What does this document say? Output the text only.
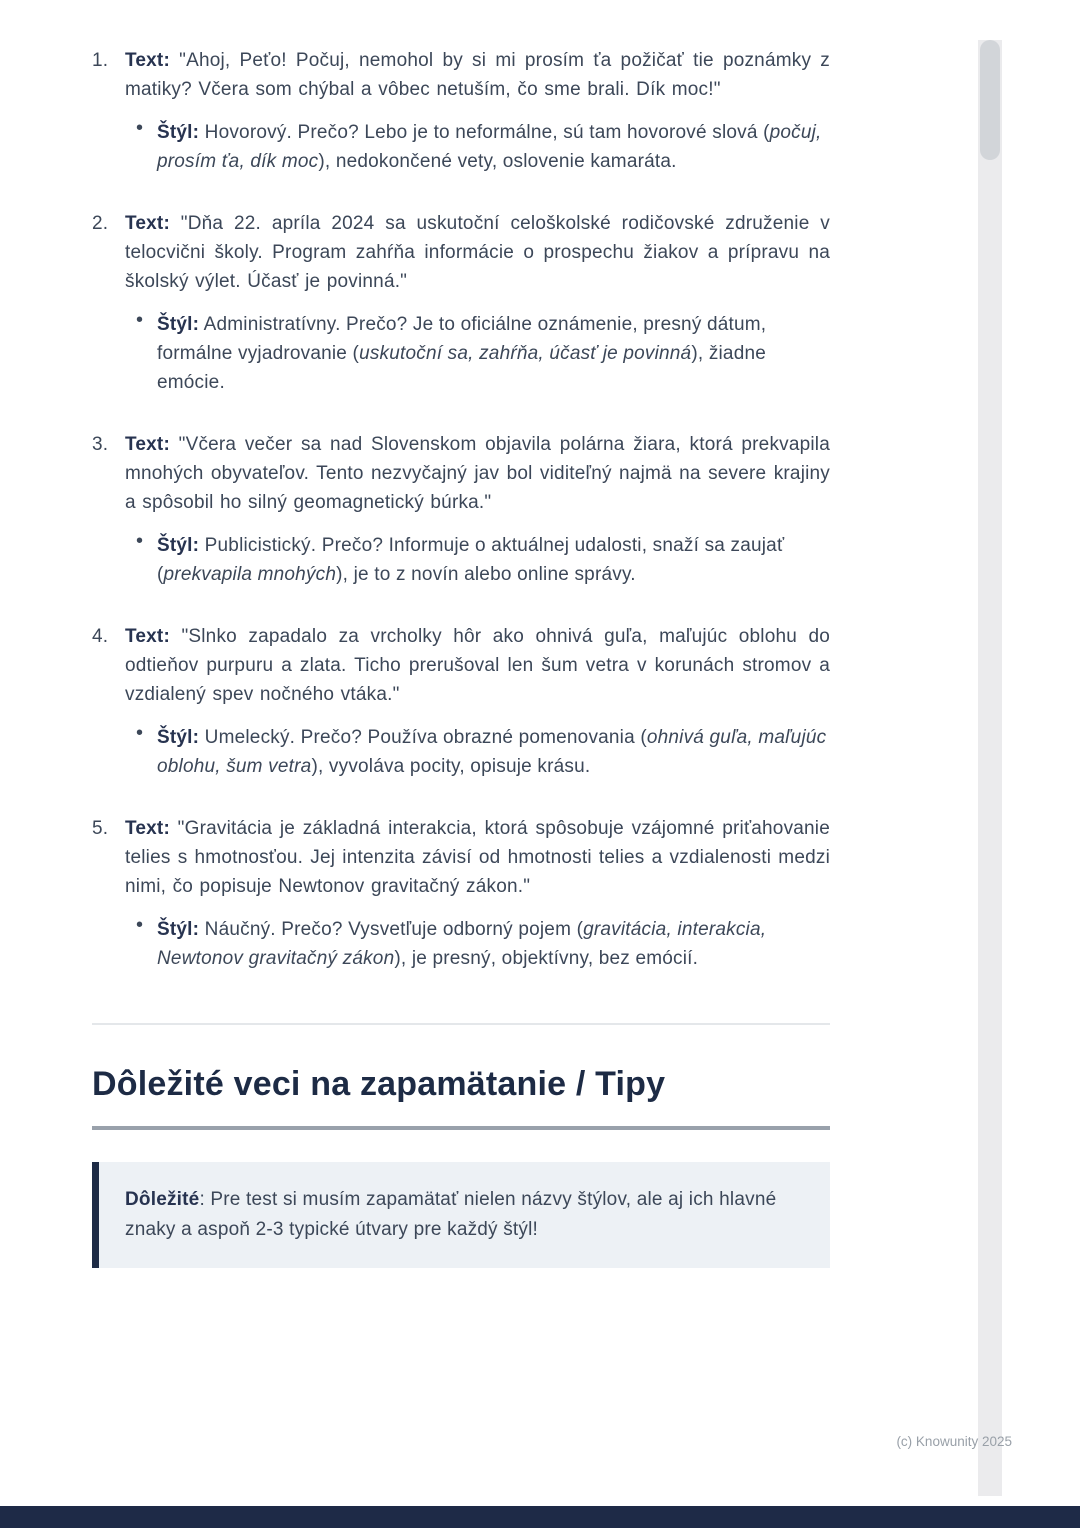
1. Text: "Ahoj, Peťo! Počuj, nemohol by si mi prosím ťa požičať tie poznámky z matiky? Včera som chýbal a vôbec netuším, čo sme brali. Dík moc!"

• Štýl: Hovorový. Prečo? Lebo je to neformálne, sú tam hovorové slová (počuj, prosím ťa, dík moc), nedokončené vety, oslovenie kamaráta.

2. Text: "Dňa 22. apríla 2024 sa uskutoční celoškolské rodičovské združenie v telocvični školy. Program zahŕňa informácie o prospechu žiakov a prípravu na školský výlet. Účasť je povinná."

• Štýl: Administratívny. Prečo? Je to oficiálne oznámenie, presný dátum, formálne vyjadrovanie (uskutoční sa, zahŕňa, účasť je povinná), žiadne emócie.

3. Text: "Včera večer sa nad Slovenskom objavila polárna žiara, ktorá prekvapila mnohých obyvateľov. Tento nezvyčajný jav bol viditeľný najmä na severe krajiny a spôsobil ho silný geomagnetický búrka."

• Štýl: Publicistický. Prečo? Informuje o aktuálnej udalosti, snaží sa zaujať (prekvapila mnohých), je to z novín alebo online správy.

4. Text: "Slnko zapadalo za vrcholky hôr ako ohnivá guľa, maľujúc oblohu do odtieňov purpuru a zlata. Ticho prerušoval len šum vetra v korunách stromov a vzdialený spev nočného vtáka."

• Štýl: Umelecký. Prečo? Používa obrazné pomenovania (ohnivá guľa, maľujúc oblohu, šum vetra), vyvoláva pocity, opisuje krásu.

5. Text: "Gravitácia je základná interakcia, ktorá spôsobuje vzájomné priťahovanie telies s hmotnosťou. Jej intenzita závisí od hmotnosti telies a vzdialenosti medzi nimi, čo popisuje Newtonov gravitačný zákon."

• Štýl: Náučný. Prečo? Vysvetľuje odborný pojem (gravitácia, interakcia, Newtonov gravitačný zákon), je presný, objektívny, bez emócií.

Dôležité veci na zapamätanie / Tipy

Dôležité: Pre test si musím zapamätať nielen názvy štýlov, ale aj ich hlavné znaky a aspoň 2-3 typické útvary pre každý štýl!

(c) Knowunity 2025
